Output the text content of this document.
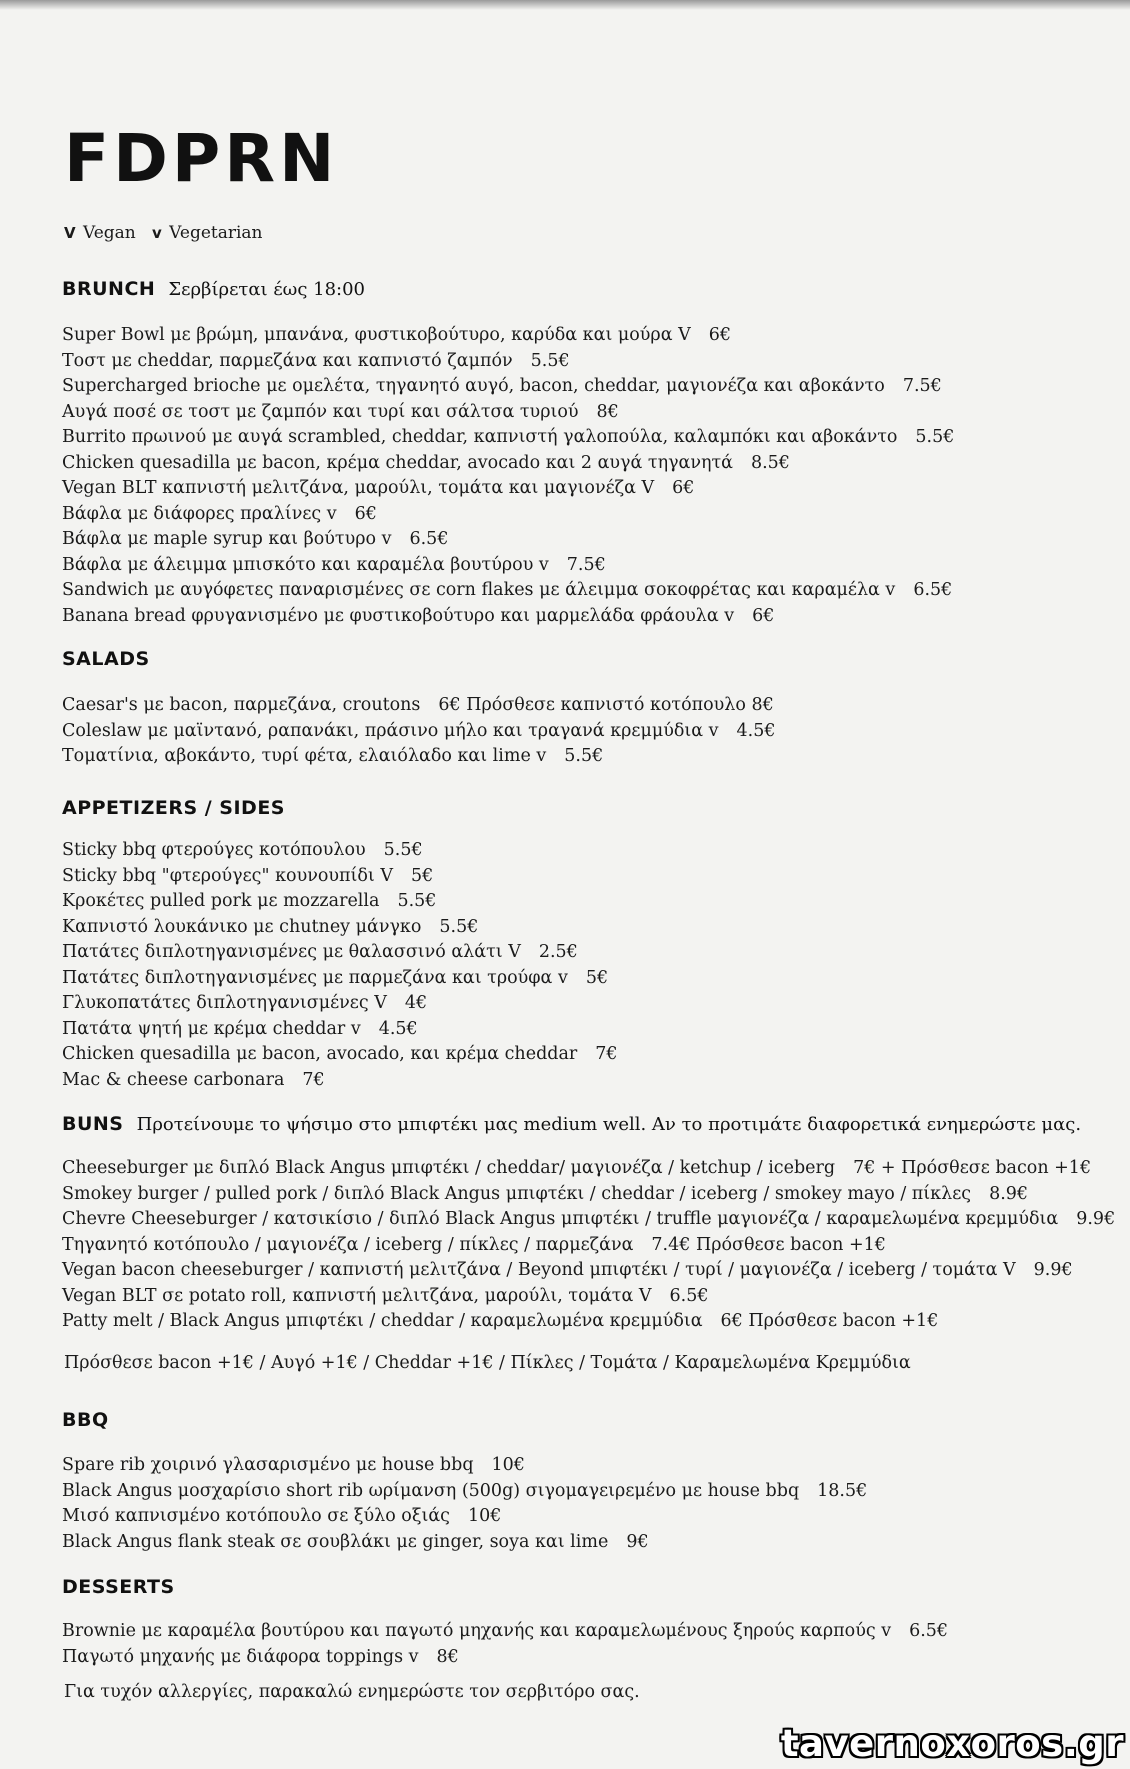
FDPRN
V Vegan v Vegetarian
BRUNCH Σερβίρεται έως 18:00
Super Bowl με βρώμη, μπανάνα, φυστικοβούτυρο, καρύδα και μούρα V 6€
Τοστ με cheddar, παρμεζάνα και καπνιστό ζαμπόν 5.5€
Supercharged brioche με ομελέτα, τηγανητό αυγό, bacon, cheddar, μαγιονέζα και αβοκάντο 7.5€
Αυγά ποσέ σε τοστ με ζαμπόν και τυρί και σάλτσα τυριού 8€
Burrito πρωινού με αυγά scrambled, cheddar, καπνιστή γαλοπούλα, καλαμπόκι και αβοκάντο 5.5€
Chicken quesadilla με bacon, κρέμα cheddar, avocado και 2 αυγά τηγανητά 8.5€
Vegan BLT καπνιστή μελιτζάνα, μαρούλι, τομάτα και μαγιονέζα V 6€
Βάφλα με διάφορες πραλίνες v 6€
Βάφλα με maple syrup και βούτυρο v 6.5€
Βάφλα με άλειμμα μπισκότο και καραμέλα βουτύρου v 7.5€
Sandwich με αυγόφετες παναρισμένες σε corn flakes με άλειμμα σοκοφρέτας και καραμέλα v 6.5€
Banana bread φρυγανισμένο με φυστικοβούτυρο και μαρμελάδα φράουλα v 6€
SALADS
Caesar's με bacon, παρμεζάνα, croutons 6€ Πρόσθεσε καπνιστό κοτόπουλο 8€
Coleslaw με μαϊντανό, ραπανάκι, πράσινο μήλο και τραγανά κρεμμύδια v 4.5€
Τοματίνια, αβοκάντο, τυρί φέτα, ελαιόλαδο και lime v 5.5€
APPETIZERS / SIDES
Sticky bbq φτερούγες κοτόπουλου 5.5€
Sticky bbq "φτερούγες" κουνουπίδι V 5€
Κροκέτες pulled pork με mozzarella 5.5€
Καπνιστό λουκάνικο με chutney μάνγκο 5.5€
Πατάτες διπλοτηγανισμένες με θαλασσινό αλάτι V 2.5€
Πατάτες διπλοτηγανισμένες με παρμεζάνα και τρούφα v 5€
Γλυκοπατάτες διπλοτηγανισμένες V 4€
Πατάτα ψητή με κρέμα cheddar v 4.5€
Chicken quesadilla με bacon, avocado, και κρέμα cheddar 7€
Mac & cheese carbonara 7€
BUNS Προτείνουμε το ψήσιμο στο μπιφτέκι μας medium well. Αν το προτιμάτε διαφορετικά ενημερώστε μας.
Cheeseburger με διπλό Black Angus μπιφτέκι / cheddar/ μαγιονέζα / ketchup / iceberg 7€ + Πρόσθεσε bacon +1€
Smokey burger / pulled pork / διπλό Black Angus μπιφτέκι / cheddar / iceberg / smokey mayo / πίκλες 8.9€
Chevre Cheeseburger / κατσικίσιο / διπλό Black Angus μπιφτέκι / truffle μαγιονέζα / καραμελωμένα κρεμμύδια 9.9€
Τηγανητό κοτόπουλο / μαγιονέζα / iceberg / πίκλες / παρμεζάνα 7.4€ Πρόσθεσε bacon +1€
Vegan bacon cheeseburger / καπνιστή μελιτζάνα / Beyond μπιφτέκι / τυρί / μαγιονέζα / iceberg / τομάτα V 9.9€
Vegan BLT σε potato roll, καπνιστή μελιτζάνα, μαρούλι, τομάτα V 6.5€
Patty melt / Black Angus μπιφτέκι / cheddar / καραμελωμένα κρεμμύδια 6€ Πρόσθεσε bacon +1€
Πρόσθεσε bacon +1€ / Αυγό +1€ / Cheddar +1€ / Πίκλες / Τομάτα / Καραμελωμένα Κρεμμύδια
BBQ
Spare rib χοιρινό γλασαρισμένο με house bbq 10€
Black Angus μοσχαρίσιο short rib ωρίμανση (500g) σιγομαγειρεμένο με house bbq 18.5€
Μισό καπνισμένο κοτόπουλο σε ξύλο οξιάς 10€
Black Angus flank steak σε σουβλάκι με ginger, soya και lime 9€
DESSERTS
Brownie με καραμέλα βουτύρου και παγωτό μηχανής και καραμελωμένους ξηρούς καρπούς v 6.5€
Παγωτό μηχανής με διάφορα toppings v 8€
Για τυχόν αλλεργίες, παρακαλώ ενημερώστε τον σερβιτόρο σας.
tavernoxoros.gr
